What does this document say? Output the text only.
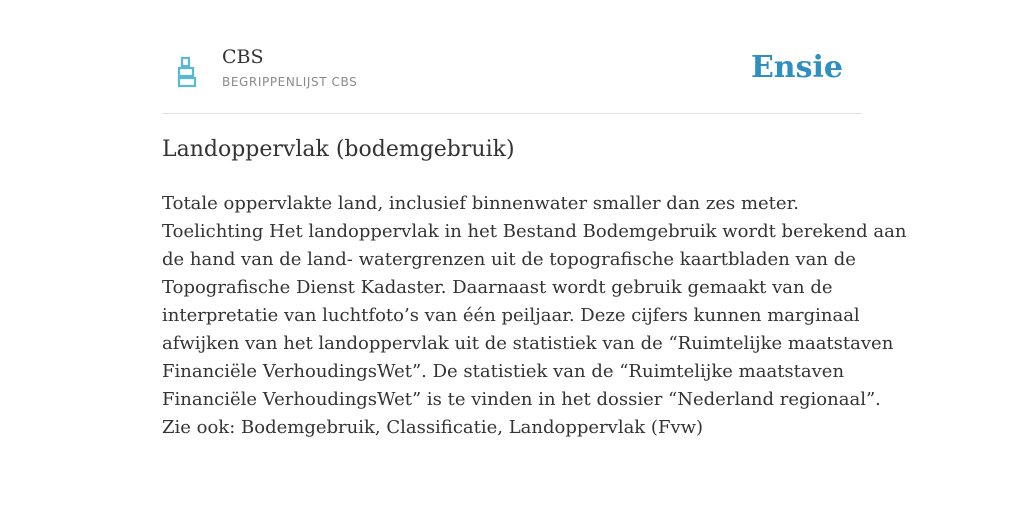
CBS
BEGRIPPENLIJST CBS	Ensie
Landoppervlak (bodemgebruik)
Totale oppervlakte land, inclusief binnenwater smaller dan zes meter.
Toelichting Het landoppervlak in het Bestand Bodemgebruik wordt berekend aan
de hand van de land- watergrenzen uit de topografische kaartbladen van de
Topografische Dienst Kadaster. Daarnaast wordt gebruik gemaakt van de
interpretatie van luchtfoto’s van één peiljaar. Deze cijfers kunnen marginaal
afwijken van het landoppervlak uit de statistiek van de “Ruimtelijke maatstaven
Financiële VerhoudingsWet”. De statistiek van de “Ruimtelijke maatstaven
Financiële VerhoudingsWet” is te vinden in het dossier “Nederland regionaal”.
Zie ook: Bodemgebruik, Classificatie, Landoppervlak (Fvw)
